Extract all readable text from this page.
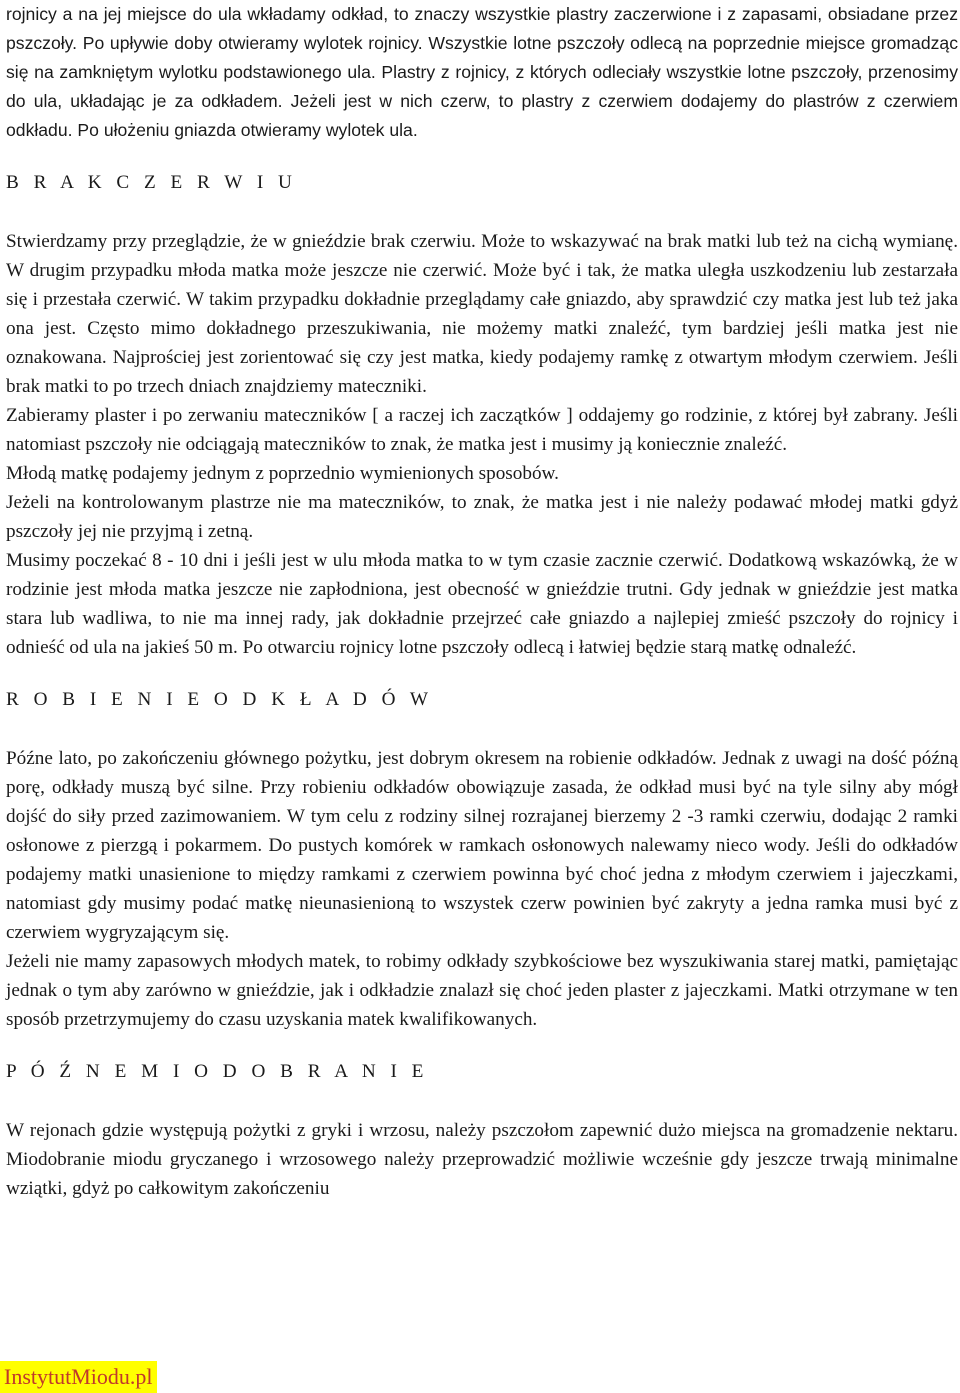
rojnicy a na jej miejsce do ula wkładamy odkład, to znaczy wszystkie plastry zaczerwione i z zapasami, obsiadane przez pszczoły. Po upływie doby otwieramy wylotek rojnicy. Wszystkie lotne pszczoły odlecą na poprzednie miejsce gromadząc się na zamkniętym wylotku podstawionego ula. Plastry z rojnicy, z których odleciały wszystkie lotne pszczoły, przenosimy do ula, układając je za odkładem. Jeżeli jest w nich czerw, to plastry z czerwiem dodajemy do plastrów z czerwiem odkładu. Po ułożeniu gniazda otwieramy wylotek ula.

B R A K C Z E R W I U

Stwierdzamy przy przeglądzie, że w gnieździe brak czerwiu. Może to wskazywać na brak matki lub też na cichą wymianę. W drugim przypadku młoda matka może jeszcze nie czerwić. Może być i tak, że matka uległa uszkodzeniu lub zestarzała się i przestała czerwić. W takim przypadku dokładnie przeglądamy całe gniazdo, aby sprawdzić czy matka jest lub też jaka ona jest. Często mimo dokładnego przeszukiwania, nie możemy matki znaleźć, tym bardziej jeśli matka jest nie oznakowana. Najprościej jest zorientować się czy jest matka, kiedy podajemy ramkę z otwartym młodym czerwiem. Jeśli brak matki to po trzech dniach znajdziemy mateczniki.

Zabieramy plaster i po zerwaniu mateczników [ a raczej ich zaczątków ] oddajemy go rodzinie, z której był zabrany. Jeśli natomiast pszczoły nie odciągają mateczników to znak, że matka jest i musimy ją koniecznie znaleźć.

Młodą matkę podajemy jednym z poprzednio wymienionych sposobów.

Jeżeli na kontrolowanym plastrze nie ma mateczników, to znak, że matka jest i nie należy podawać młodej matki gdyż pszczoły jej nie przyjmą i zetną.

Musimy poczekać 8 - 10 dni i jeśli jest w ulu młoda matka to w tym czasie zacznie czerwić. Dodatkową wskazówką, że w rodzinie jest młoda matka jeszcze nie zapłodniona, jest obecność w gnieździe trutni. Gdy jednak w gnieździe jest matka stara lub wadliwa, to nie ma innej rady, jak dokładnie przejrzeć całe gniazdo a najlepiej zmieść pszczoły do rojnicy i odnieść od ula na jakieś 50 m. Po otwarciu rojnicy lotne pszczoły odlecą i łatwiej będzie starą matkę odnaleźć.

R O B I E N I E O D K Ł A D Ó W

Późne lato, po zakończeniu głównego pożytku, jest dobrym okresem na robienie odkładów. Jednak z uwagi na dość późną porę, odkłady muszą być silne. Przy robieniu odkładów obowiązuje zasada, że odkład musi być na tyle silny aby mógł dojść do siły przed zazimowaniem. W tym celu z rodziny silnej rozrajanej bierzemy 2 -3 ramki czerwiu, dodając 2 ramki osłonowe z pierzgą i pokarmem. Do pustych komórek w ramkach osłonowych nalewamy nieco wody. Jeśli do odkładów podajemy matki unasienione to między ramkami z czerwiem powinna być choć jedna z młodym czerwiem i jajeczkami, natomiast gdy musimy podać matkę nieunasienioną to wszystek czerw powinien być zakryty a jedna ramka musi być z czerwiem wygryzającym się.

Jeżeli nie mamy zapasowych młodych matek, to robimy odkłady szybkościowe bez wyszukiwania starej matki, pamiętając jednak o tym aby zarówno w gnieździe, jak i odkładzie znalazł się choć jeden plaster z jajeczkami. Matki otrzymane w ten sposób przetrzymujemy do czasu uzyskania matek kwalifikowanych.

P Ó Ź N E M I O D O B R A N I E

W rejonach gdzie występują pożytki z gryki i wrzosu, należy pszczołom zapewnić dużo miejsca na gromadzenie nektaru. Miodobranie miodu gryczanego i wrzosowego należy przeprowadzić możliwie wcześnie gdy jeszcze trwają minimalne wziątki, gdyż po całkowitym zakończeniu

InstytutMiodu.pl
